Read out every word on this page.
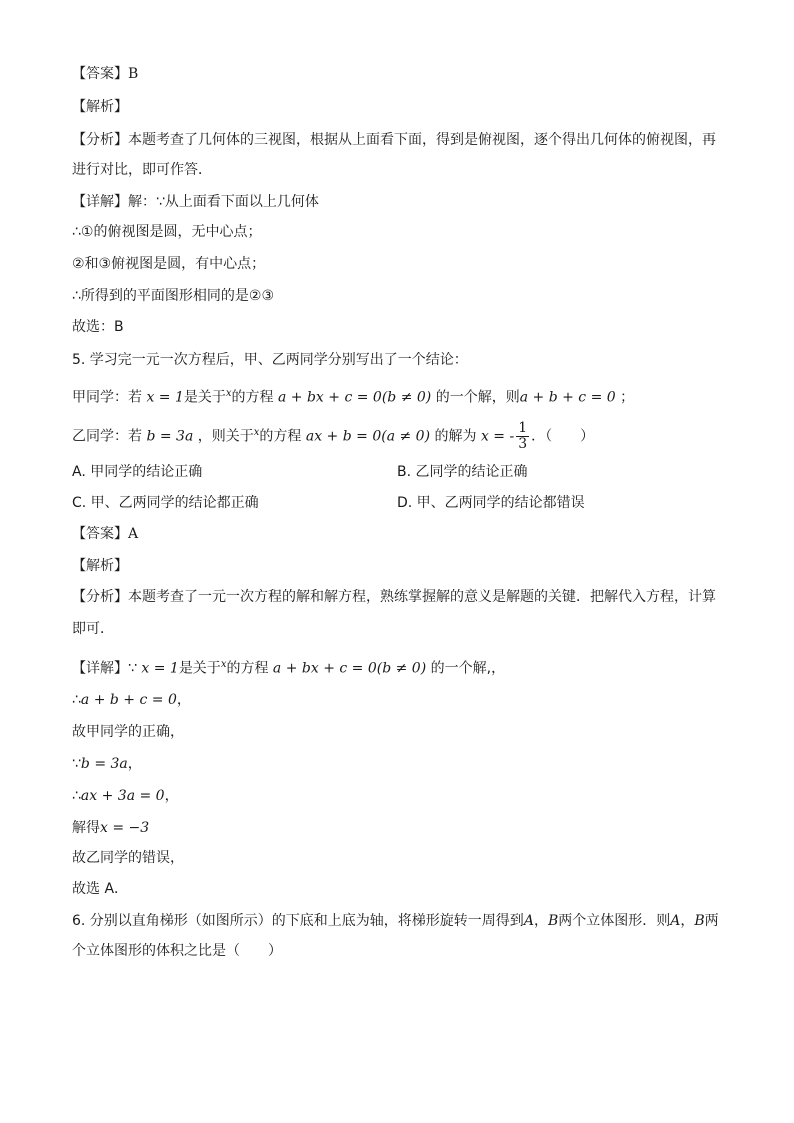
【答案】B
【解析】
【分析】本题考查了几何体的三视图，根据从上面看下面，得到是俯视图，逐个得出几何体的俯视图，再
进行对比，即可作答．
【详解】解：∵从上面看下面以上几何体
∴①的俯视图是圆，无中心点；
②和③俯视图是圆，有中心点；
∴所得到的平面图形相同的是②③
故选：B
5. 学习完一元一次方程后，甲、乙两同学分别写出了一个结论：
甲同学：若 x = 1是关于$^x$的方程 a + bx + c = 0(b ≠ 0) 的一个解，则a + b + c = 0 ；
乙同学：若 b = 3a ，则关于$^x$的方程 ax + b = 0(a ≠ 0) 的解为 x = - $\frac{1}{3}$ ．（　　）
A. 甲同学的结论正确	B. 乙同学的结论正确
C. 甲、乙两同学的结论都正确	D. 甲、乙两同学的结论都错误
【答案】A
【解析】
【分析】本题考查了一元一次方程的解和解方程，熟练掌握解的意义是解题的关键．把解代入方程，计算
即可．
【详解】∵ x = 1是关于$^x$的方程 a + bx + c = 0(b ≠ 0) 的一个解,，
∴a + b + c = 0，
故甲同学的正确，
∵b = 3a，
∴ax + 3a = 0，
解得x = −3
故乙同学的错误，
故选 A．
6. 分别以直角梯形（如图所示）的下底和上底为轴，将梯形旋转一周得到A，B两个立体图形．则A，B两
个立体图形的体积之比是（　　）
